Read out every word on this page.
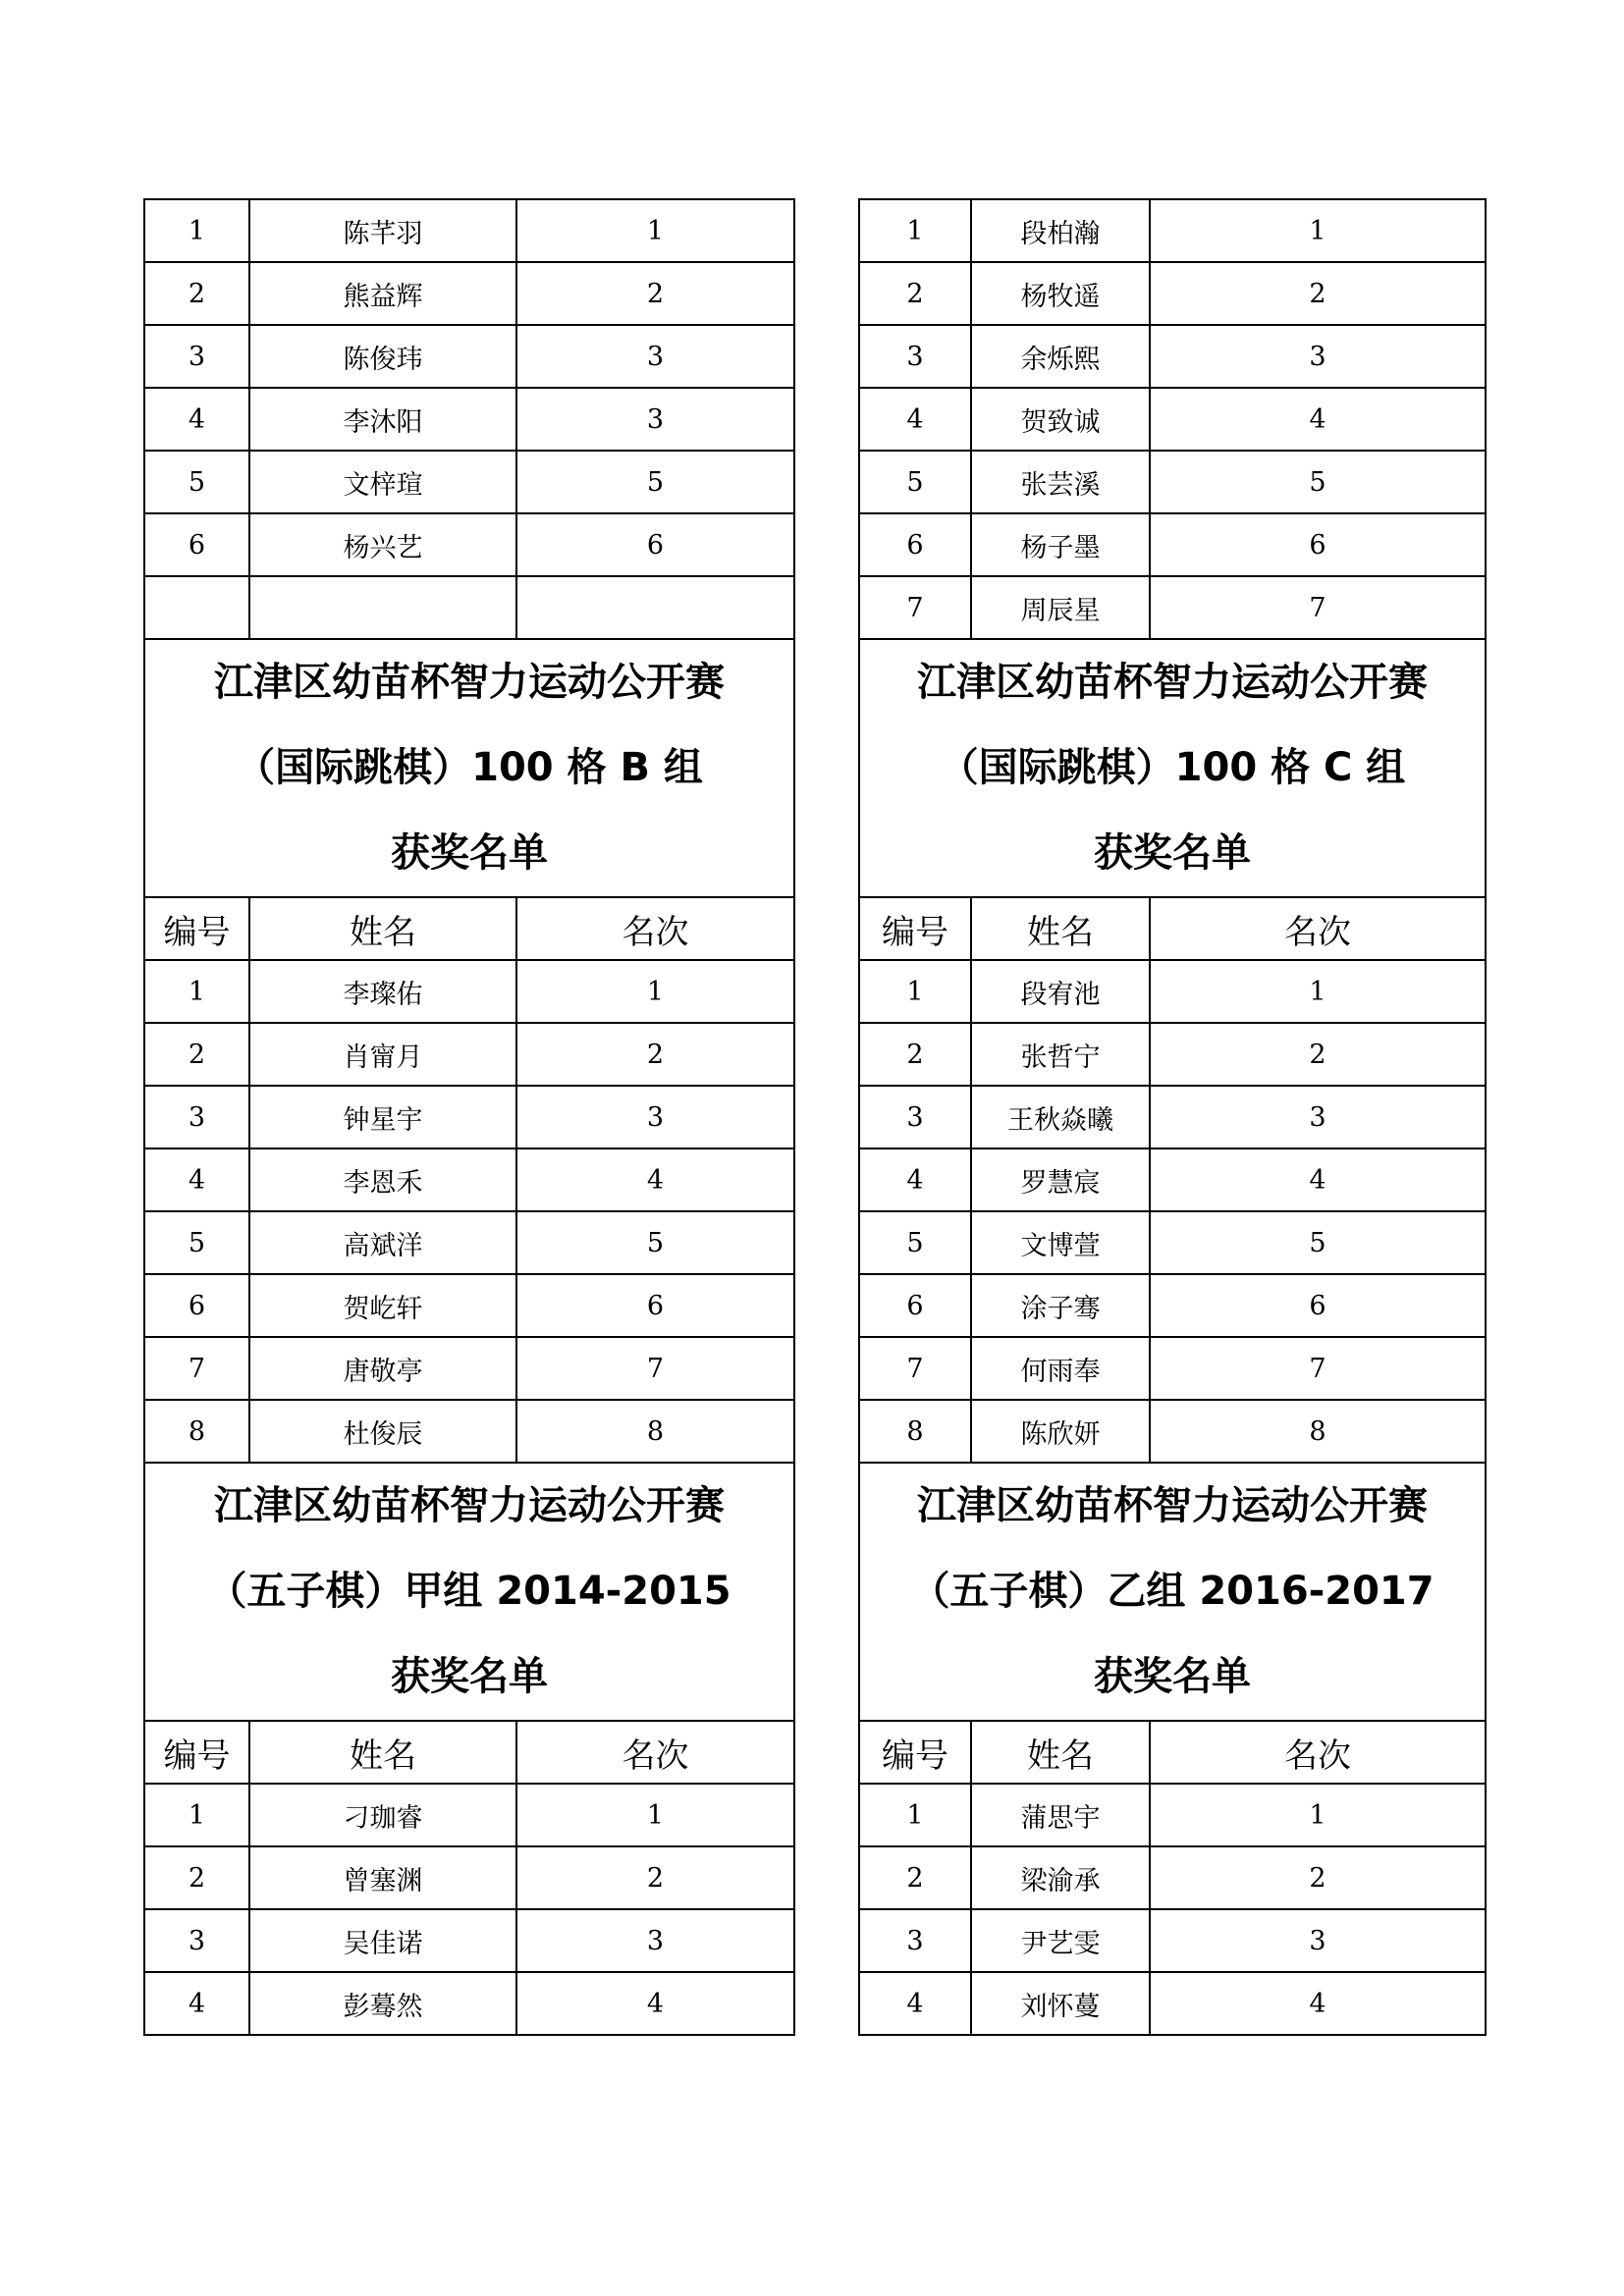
1	陈芊羽	1
2	熊益辉	2
3	陈俊玮	3
4	李沐阳	3
5	文梓瑄	5
6	杨兴艺	6

江津区幼苗杯智力运动公开赛
（国际跳棋）100 格 B 组
获奖名单		

编号	姓名	名次
1	李璨佑	1
2	肖甯月	2
3	钟星宇	3
4	李恩禾	4
5	高斌洋	5
6	贺屹轩	6
7	唐敬亭	7
8	杜俊辰	8

江津区幼苗杯智力运动公开赛
（五子棋）甲组 2014-2015
获奖名单		

编号	姓名	名次
1	刁珈睿	1
2	曾塞渊	2
3	吴佳诺	3
4	彭蓦然	4
1	段柏瀚	1
2	杨牧遥	2
3	余烁熙	3
4	贺致诚	4
5	张芸溪	5
6	杨子墨	6
7	周辰星	7

江津区幼苗杯智力运动公开赛
（国际跳棋）100 格 C 组
获奖名单		

编号	姓名	名次
1	段宥池	1
2	张哲宁	2
3	王秋焱曦	3
4	罗慧宸	4
5	文博萱	5
6	涂子骞	6
7	何雨奉	7
8	陈欣妍	8

江津区幼苗杯智力运动公开赛
（五子棋）乙组 2016-2017
获奖名单		

编号	姓名	名次
1	蒲思宇	1
2	梁渝承	2
3	尹艺雯	3
4	刘怀蔓	4
